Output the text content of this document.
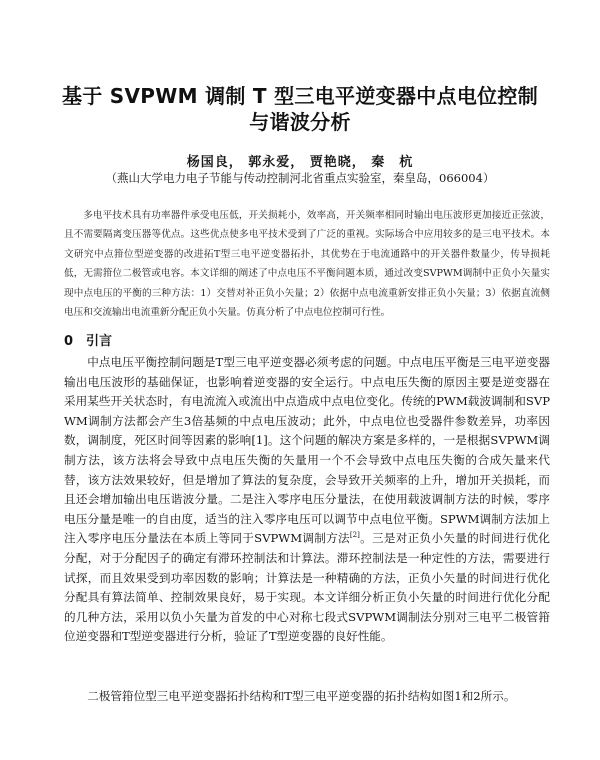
基于 SVPWM 调制 T 型三电平逆变器中点电位控制
与谐波分析
杨国良， 郭永爱， 贾艳晓， 秦　杭
（燕山大学电力电子节能与传动控制河北省重点实验室，秦皇岛，066004）

多电平技术具有功率器件承受电压低，开关损耗小，效率高，开关频率相同时输出电压波形更加接近正弦波，且不需要隔离变压器等优点。这些优点使多电平技术受到了广泛的重视。实际场合中应用较多的是三电平技术。本文研究中点箝位型逆变器的改进拓T型三电平逆变器拓扑，其优势在于电流通路中的开关器件数量少，传导损耗低，无需箝位二极管或电容。本文详细的阐述了中点电压不平衡问题本质，通过改变SVPWM调制中正负小矢量实现中点电压的平衡的三种方法：1）交替对补正负小矢量；2）依据中点电流重新安排正负小矢量；3）依据直流侧电压和交流输出电流重新分配正负小矢量。仿真分析了中点电位控制可行性。

0　引言

中点电压平衡控制问题是T型三电平逆变器必须考虑的问题。中点电压平衡是三电平逆变器输出电压波形的基础保证，也影响着逆变器的安全运行。中点电压失衡的原因主要是逆变器在采用某些开关状态时，有电流流入或流出中点造成中点电位变化。传统的PWM载波调制和SVPWM调制方法都会产生3倍基频的中点电压波动；此外，中点电位也受器件参数差异，功率因数，调制度，死区时间等因素的影响[1]。这个问题的解决方案是多样的，一是根据SVPWM调制方法，该方法将会导致中点电压失衡的矢量用一个不会导致中点电压失衡的合成矢量来代替，该方法效果较好，但是增加了算法的复杂度，会导致开关频率的上升，增加开关损耗，而且还会增加输出电压谐波分量。二是注入零序电压分量法，在使用载波调制方法的时候，零序电压分量是唯一的自由度，适当的注入零序电压可以调节中点电位平衡。SPWM调制方法加上注入零序电压分量法在本质上等同于SVPWM调制方法[2]。三是对正负小矢量的时间进行优化分配，对于分配因子的确定有滞环控制法和计算法。滞环控制法是一种定性的方法，需要进行试探，而且效果受到功率因数的影响；计算法是一种精确的方法，正负小矢量的时间进行优化分配具有算法简单、控制效果良好，易于实现。本文详细分析正负小矢量的时间进行优化分配的几种方法，采用以负小矢量为首发的中心对称七段式SVPWM调制法分别对三电平二极管箝位逆变器和T型逆变器进行分析，验证了T型逆变器的良好性能。

二极管箝位型三电平逆变器拓扑结构和T型三电平逆变器的拓扑结构如图1和2所示。
